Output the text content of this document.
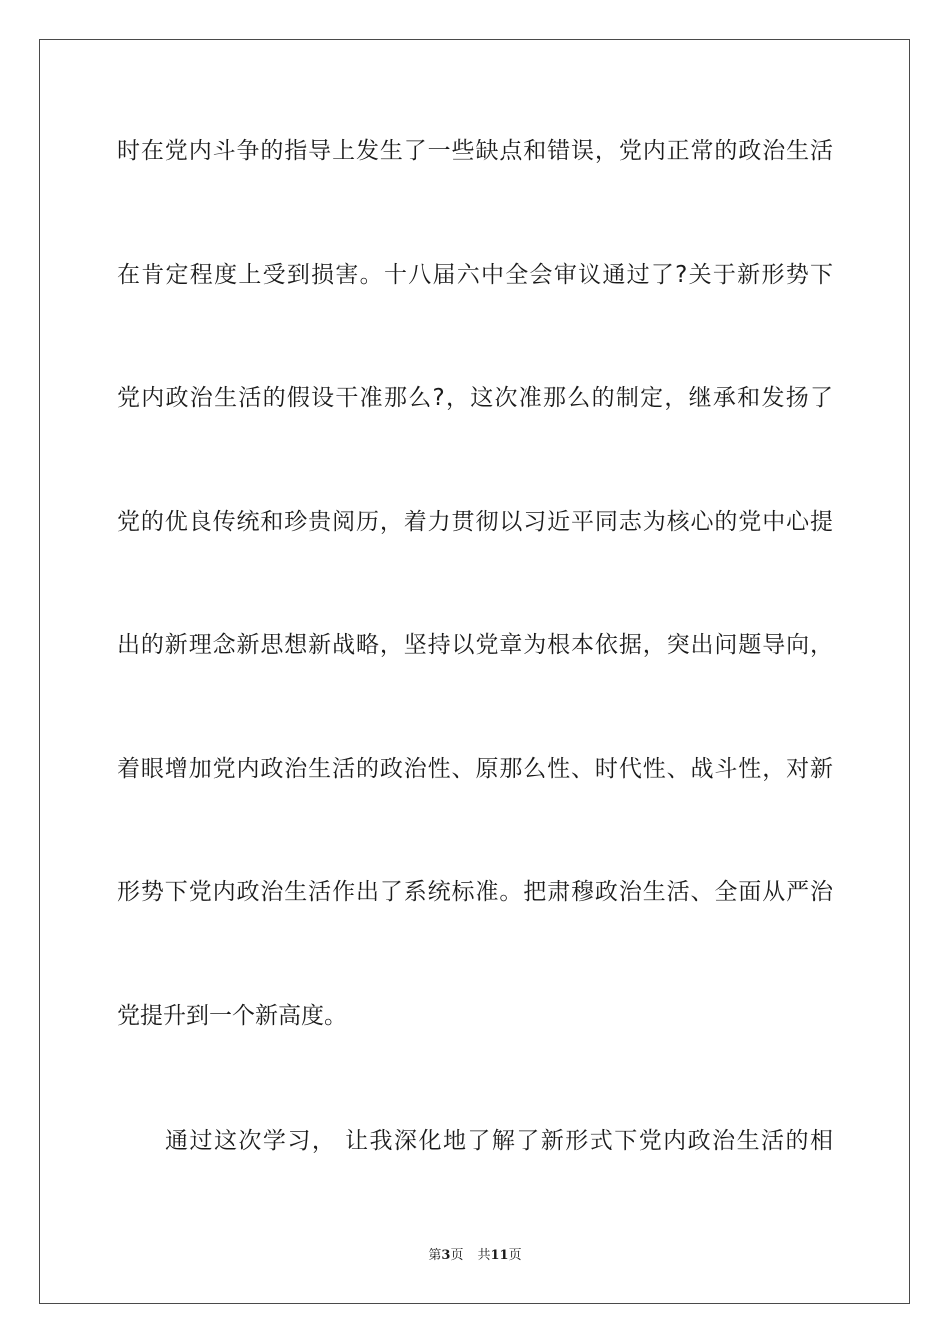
时在党内斗争的指导上发生了一些缺点和错误，党内正常的政治生活

在肯定程度上受到损害。十八届六中全会审议通过了?关于新形势下

党内政治生活的假设干准那么?，这次准那么的制定，继承和发扬了

党的优良传统和珍贵阅历，着力贯彻以习近平同志为核心的党中心提

出的新理念新思想新战略，坚持以党章为根本依据，突出问题导向，

着眼增加党内政治生活的政治性、原那么性、时代性、战斗性，对新

形势下党内政治生活作出了系统标准。把肃穆政治生活、全面从严治

党提升到一个新高度。

通过这次学习， 让我深化地了解了新形式下党内政治生活的相

第3页 共11页
